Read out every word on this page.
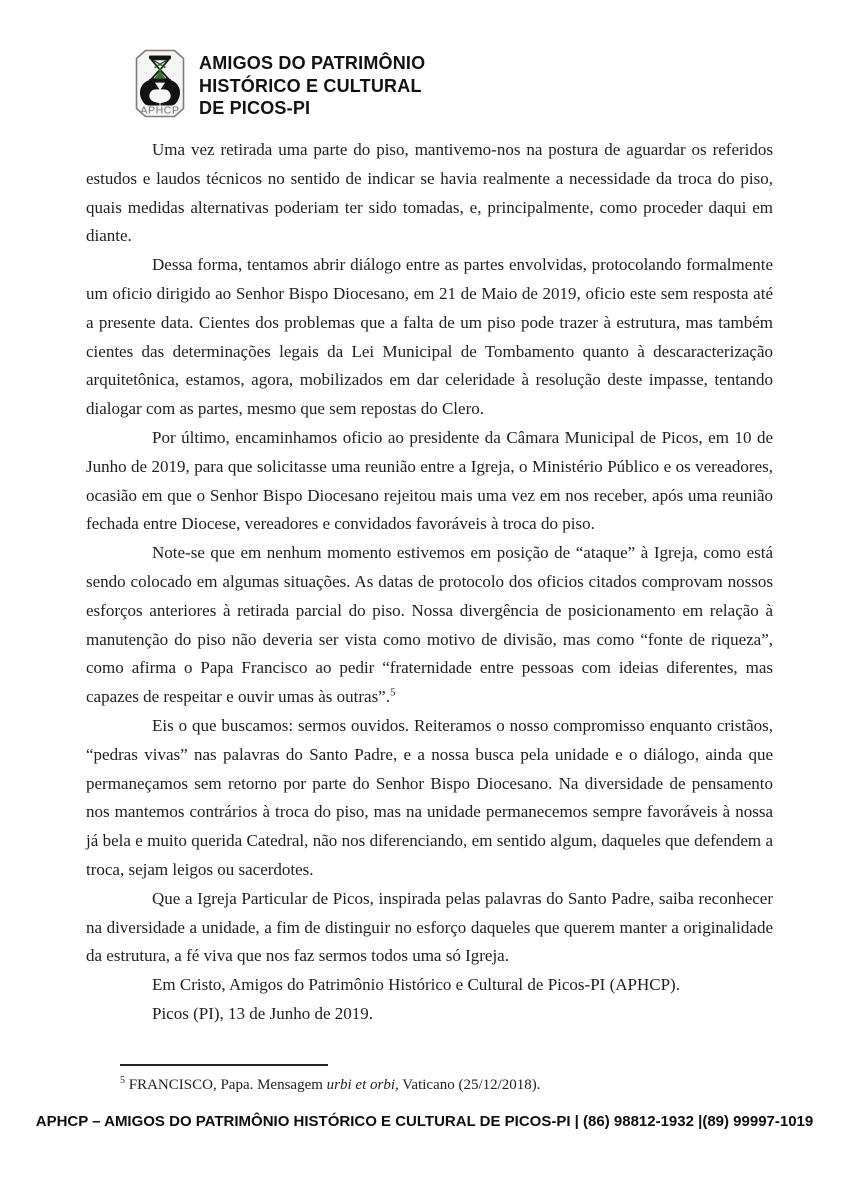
APHCP
AMIGOS DO PATRIMÔNIO
HISTÓRICO E CULTURAL
DE PICOS-PI

Uma vez retirada uma parte do piso, mantivemo-nos na postura de aguardar os referidos estudos e laudos técnicos no sentido de indicar se havia realmente a necessidade da troca do piso, quais medidas alternativas poderiam ter sido tomadas, e, principalmente, como proceder daqui em diante.

Dessa forma, tentamos abrir diálogo entre as partes envolvidas, protocolando formalmente um oficio dirigido ao Senhor Bispo Diocesano, em 21 de Maio de 2019, oficio este sem resposta até a presente data. Cientes dos problemas que a falta de um piso pode trazer à estrutura, mas também cientes das determinações legais da Lei Municipal de Tombamento quanto à descaracterização arquitetônica, estamos, agora, mobilizados em dar celeridade à resolução deste impasse, tentando dialogar com as partes, mesmo que sem repostas do Clero.

Por último, encaminhamos oficio ao presidente da Câmara Municipal de Picos, em 10 de Junho de 2019, para que solicitasse uma reunião entre a Igreja, o Ministério Público e os vereadores, ocasião em que o Senhor Bispo Diocesano rejeitou mais uma vez em nos receber, após uma reunião fechada entre Diocese, vereadores e convidados favoráveis à troca do piso.

Note-se que em nenhum momento estivemos em posição de “ataque” à Igreja, como está sendo colocado em algumas situações. As datas de protocolo dos oficios citados comprovam nossos esforços anteriores à retirada parcial do piso. Nossa divergência de posicionamento em relação à manutenção do piso não deveria ser vista como motivo de divisão, mas como “fonte de riqueza”, como afirma o Papa Francisco ao pedir “fraternidade entre pessoas com ideias diferentes, mas capazes de respeitar e ouvir umas às outras”.$^5$

Eis o que buscamos: sermos ouvidos. Reiteramos o nosso compromisso enquanto cristãos, “pedras vivas” nas palavras do Santo Padre, e a nossa busca pela unidade e o diálogo, ainda que permaneçamos sem retorno por parte do Senhor Bispo Diocesano. Na diversidade de pensamento nos mantemos contrários à troca do piso, mas na unidade permanecemos sempre favoráveis à nossa já bela e muito querida Catedral, não nos diferenciando, em sentido algum, daqueles que defendem a troca, sejam leigos ou sacerdotes.

Que a Igreja Particular de Picos, inspirada pelas palavras do Santo Padre, saiba reconhecer na diversidade a unidade, a fim de distinguir no esforço daqueles que querem manter a originalidade da estrutura, a fé viva que nos faz sermos todos uma só Igreja.

Em Cristo, Amigos do Patrimônio Histórico e Cultural de Picos-PI (APHCP).

Picos (PI), 13 de Junho de 2019.

$^5$ FRANCISCO, Papa. Mensagem urbi et orbi, Vaticano (25/12/2018).

APHCP – AMIGOS DO PATRIMÔNIO HISTÓRICO E CULTURAL DE PICOS-PI | (86) 98812-1932 |(89) 99997-1019
